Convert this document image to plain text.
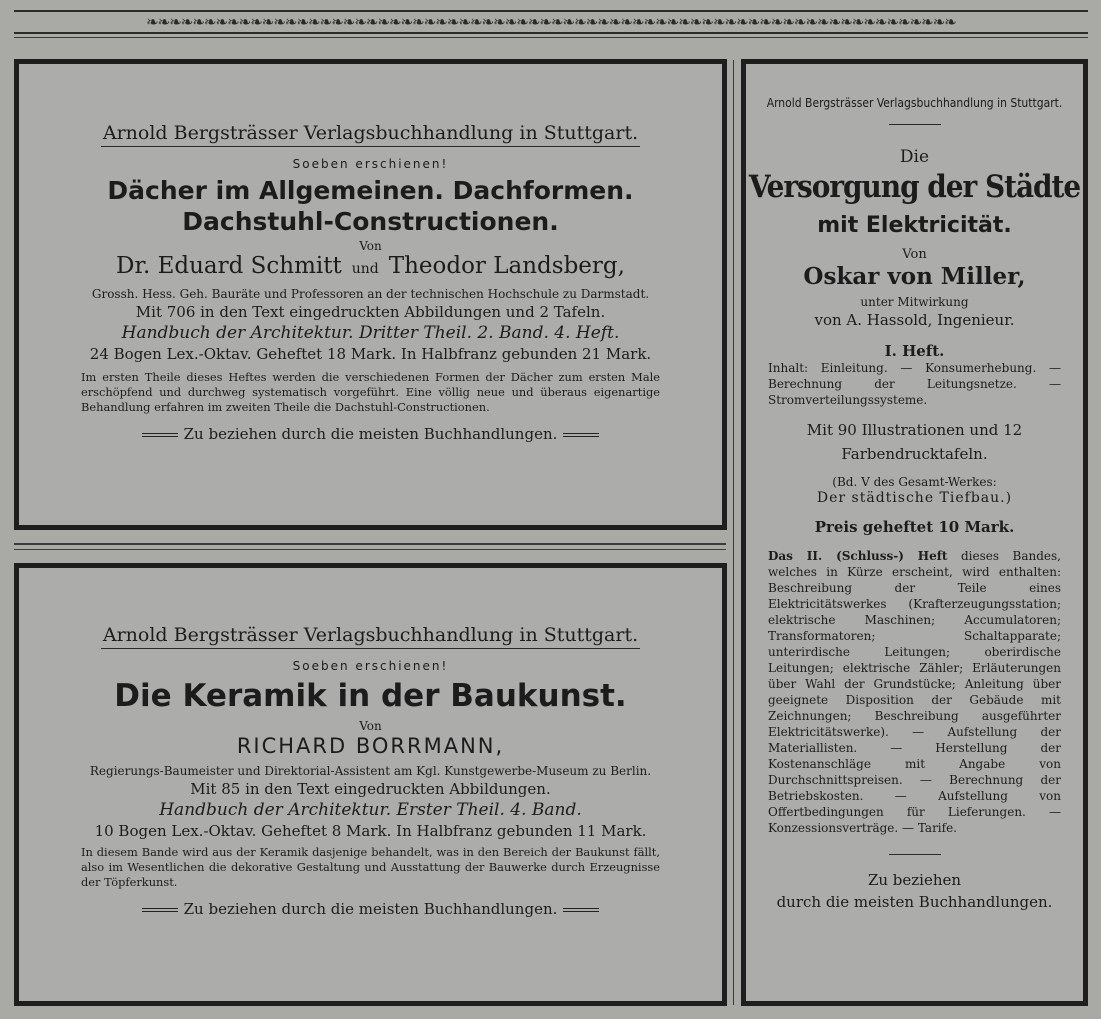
❧❧❧❧❧❧❧❧❧❧❧❧❧❧❧❧❧❧❧❧❧❧❧❧❧❧❧❧❧❧❧❧❧❧❧❧❧❧❧❧❧❧❧❧❧❧❧❧❧❧❧❧❧❧❧❧❧❧❧❧❧❧❧❧❧❧❧❧❧❧
Arnold Bergsträsser Verlagsbuchhandlung in Stuttgart.
Soeben erschienen!
Dächer im Allgemeinen. Dachformen.
Dachstuhl-Constructionen.
Von
Dr. Eduard Schmitt und Theodor Landsberg,
Grossh. Hess. Geh. Bauräte und Professoren an der technischen Hochschule zu Darmstadt.
Mit 706 in den Text eingedruckten Abbildungen und 2 Tafeln.
Handbuch der Architektur. Dritter Theil. 2. Band. 4. Heft.
24 Bogen Lex.-Oktav. Geheftet 18 Mark. In Halbfranz gebunden 21 Mark.
Im ersten Theile dieses Heftes werden die verschiedenen Formen der Dächer zum ersten Male erschöpfend und durchweg systematisch vorgeführt. Eine völlig neue und überaus eigenartige Behandlung erfahren im zweiten Theile die Dachstuhl-Constructionen.
Zu beziehen durch die meisten Buchhandlungen.
Arnold Bergsträsser Verlagsbuchhandlung in Stuttgart.
Soeben erschienen!
Die Keramik in der Baukunst.
Von
RICHARD BORRMANN,
Regierungs-Baumeister und Direktorial-Assistent am Kgl. Kunstgewerbe-Museum zu Berlin.
Mit 85 in den Text eingedruckten Abbildungen.
Handbuch der Architektur. Erster Theil. 4. Band.
10 Bogen Lex.-Oktav. Geheftet 8 Mark. In Halbfranz gebunden 11 Mark.
In diesem Bande wird aus der Keramik dasjenige behandelt, was in den Bereich der Baukunst fällt, also im Wesentlichen die dekorative Gestaltung und Ausstattung der Bauwerke durch Erzeugnisse der Töpferkunst.
Zu beziehen durch die meisten Buchhandlungen.
Arnold Bergsträsser Verlagsbuchhandlung in Stuttgart.
Die
Versorgung der Städte
mit Elektricität.
Von
Oskar von Miller,
unter Mitwirkung
von A. Hassold, Ingenieur.
I. Heft.
Inhalt: Einleitung. — Konsumerhebung. — Berechnung der Leitungsnetze. — Stromverteilungssysteme.
Mit 90 Illustrationen und 12 Farbendrucktafeln.
(Bd. V des Gesamt-Werkes:
Der städtische Tiefbau.)
Preis geheftet 10 Mark.
Das II. (Schluss-) Heft dieses Bandes, welches in Kürze erscheint, wird enthalten: Beschreibung der Teile eines Elektricitätswerkes (Krafterzeugungsstation; elektrische Maschinen; Accumulatoren; Transformatoren; Schaltapparate; unterirdische Leitungen; oberirdische Leitungen; elektrische Zähler; Erläuterungen über Wahl der Grundstücke; Anleitung über geeignete Disposition der Gebäude mit Zeichnungen; Beschreibung ausgeführter Elektricitätswerke). — Aufstellung der Materiallisten. — Herstellung der Kostenanschläge mit Angabe von Durchschnittspreisen. — Berechnung der Betriebskosten. — Aufstellung von Offertbedingungen für Lieferungen. — Konzessionsverträge. — Tarife.
Zu beziehen
durch die meisten Buchhandlungen.
